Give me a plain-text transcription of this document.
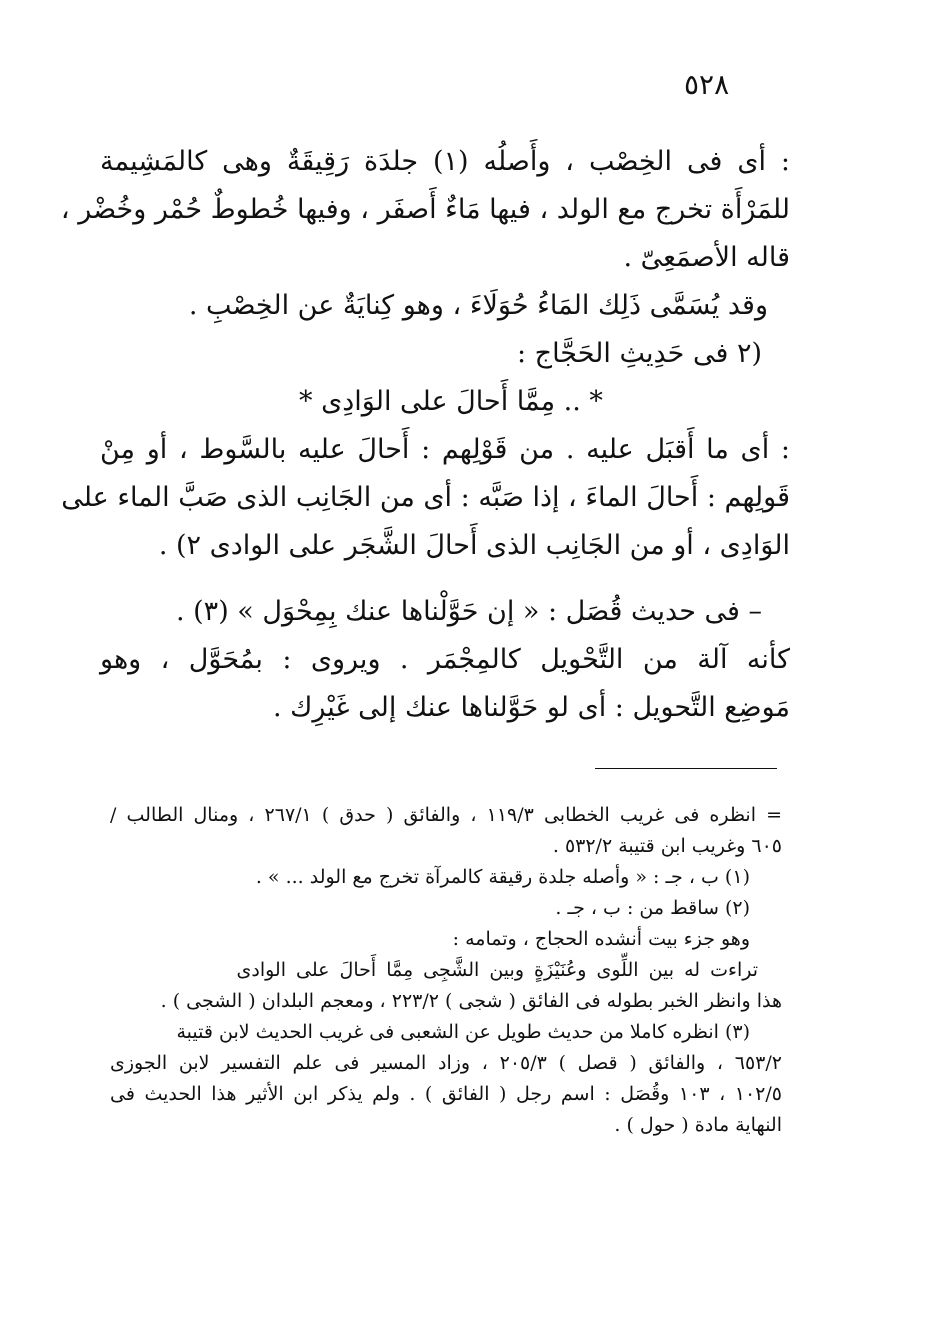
٥٢٨
: أى فى الخِصْب ، وأَصلُه (١) جلدَة رَقِيقَةٌ وهى كالمَشِيمة
للمَرْأَة تخرج مع الولد ، فيها مَاءٌ أَصفَر ، وفيها خُطوطٌ حُمْر وخُضْر ،
قاله الأصمَعِىّ .
وقد يُسَمَّى ذَلِك المَاءُ حُوَلَاءَ ، وهو كِنايَةٌ عن الخِصْبِ .
(٢ فى حَدِيثِ الحَجَّاج :
* .. مِمَّا أَحالَ على الوَادِى *
: أى ما أَقبَل عليه . من قَوْلِهم : أَحالَ عليه بالسَّوط ، أو مِنْ
قَولِهم : أَحالَ الماءَ ، إذا صَبَّه : أى من الجَانِب الذى صَبَّ الماء على
الوَادِى ، أو من الجَانِب الذى أَحالَ الشَّجَر على الوادى ٢) .
– فى حديث قُصَل : « إن حَوَّلْناها عنك بِمِحْوَل » (٣) .
كأنه آلة من التَّحْويل كالمِجْمَر . ويروى : بمُحَوَّل ، وهو
مَوضِع التَّحويل : أى لو حَوَّلناها عنك إلى غَيْرِك .
= انظره فى غريب الخطابى ١١٩/٣ ، والفائق ( حدق ) ٢٦٧/١ ، ومنال الطالب /
٦٠٥ وغريب ابن قتيبة ٥٣٢/٢ .
(١) ب ، جـ : « وأصله جلدة رقيقة كالمرآة تخرج مع الولد ... » .
(٢) ساقط من : ب ، جـ .
وهو جزء بيت أنشده الحجاج ، وتمامه :
تراءت له بين اللِّوى وعُنَيْزَةٍ وبين الشَّجِى مِمَّا أَحالَ على الوادى
هذا وانظر الخبر بطوله فى الفائق ( شجى ) ٢٢٣/٢ ، ومعجم البلدان ( الشجى ) .
(٣) انظره كاملا من حديث طويل عن الشعبى فى غريب الحديث لابن قتيبة
٦٥٣/٢ ، والفائق ( قصل ) ٢٠٥/٣ ، وزاد المسير فى علم التفسير لابن الجوزى
١٠٢/٥ ، ١٠٣ وقُصَل : اسم رجل ( الفائق ) . ولم يذكر ابن الأثير هذا الحديث فى
النهاية مادة ( حول ) .
